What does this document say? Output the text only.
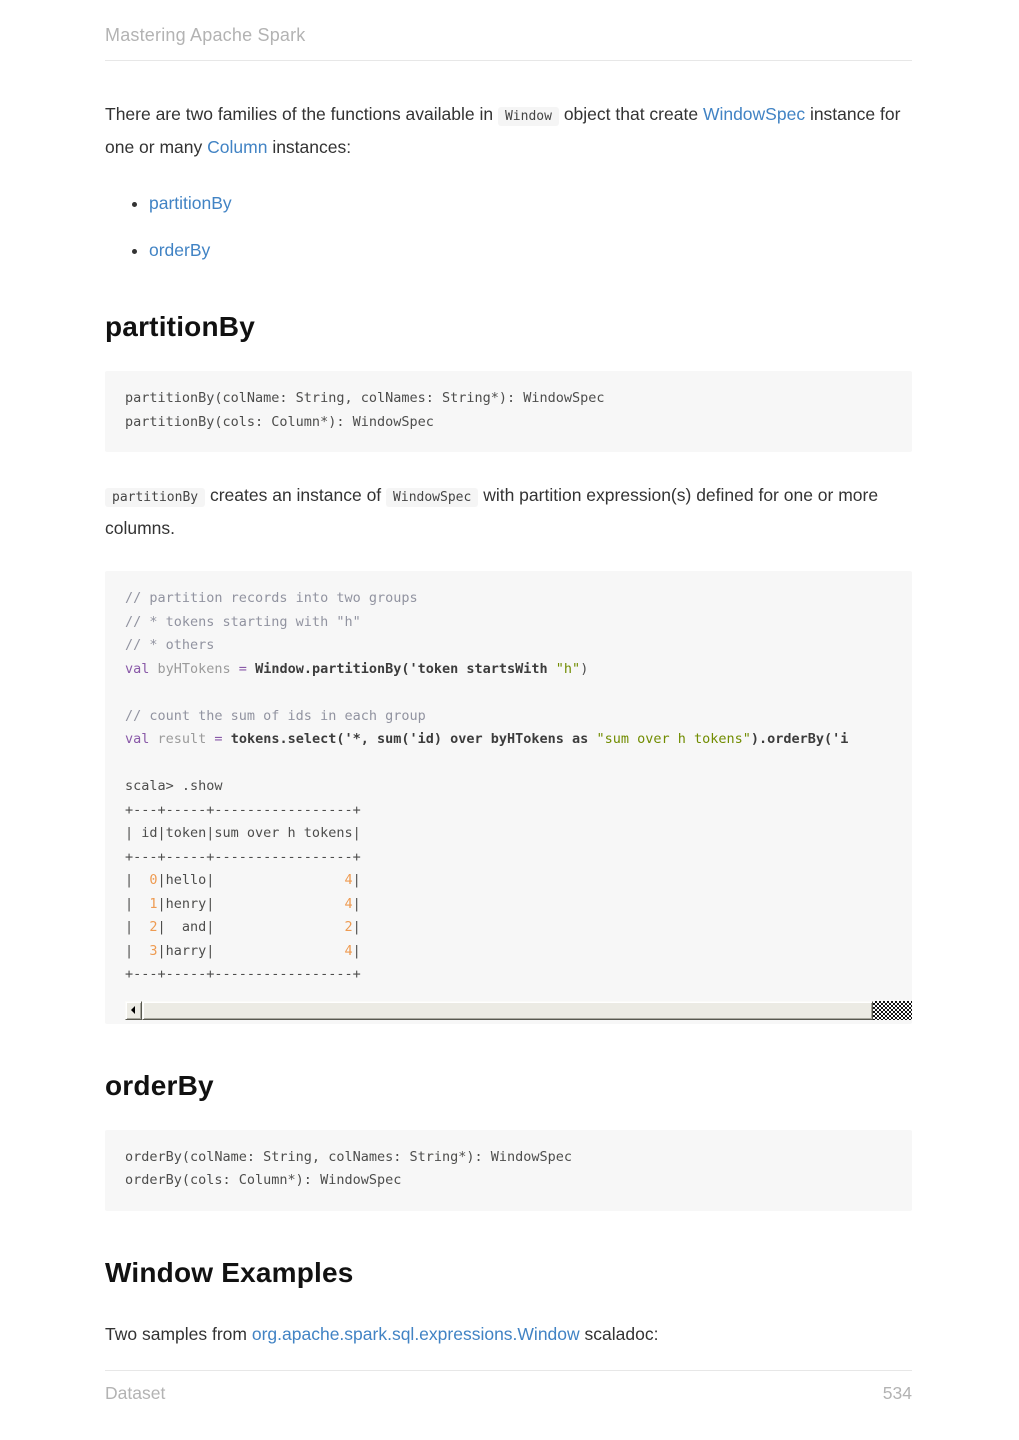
Mastering Apache Spark

There are two families of the functions available in Window object that create WindowSpec instance for one or many Column instances:

• partitionBy
• orderBy
partitionBy
partitionBy(colName: String, colNames: String*): WindowSpec
partitionBy(cols: Column*): WindowSpec

partitionBy creates an instance of WindowSpec with partition expression(s) defined for one or more columns.

// partition records into two groups
// * tokens starting with "h"
// * others
val byHTokens = Window.partitionBy('token startsWith "h")

// count the sum of ids in each group
val result = tokens.select('*, sum('id) over byHTokens as "sum over h tokens").orderBy('i

scala> .show
+---+-----+-----------------+
| id|token|sum over h tokens|
+---+-----+-----------------+
|  0|hello|                4|
|  1|henry|                4|
|  2|  and|                2|
|  3|harry|                4|
+---+-----+-----------------+
orderBy
orderBy(colName: String, colNames: String*): WindowSpec
orderBy(cols: Column*): WindowSpec
Window Examples

Two samples from org.apache.spark.sql.expressions.Window scaladoc:

Dataset	534
